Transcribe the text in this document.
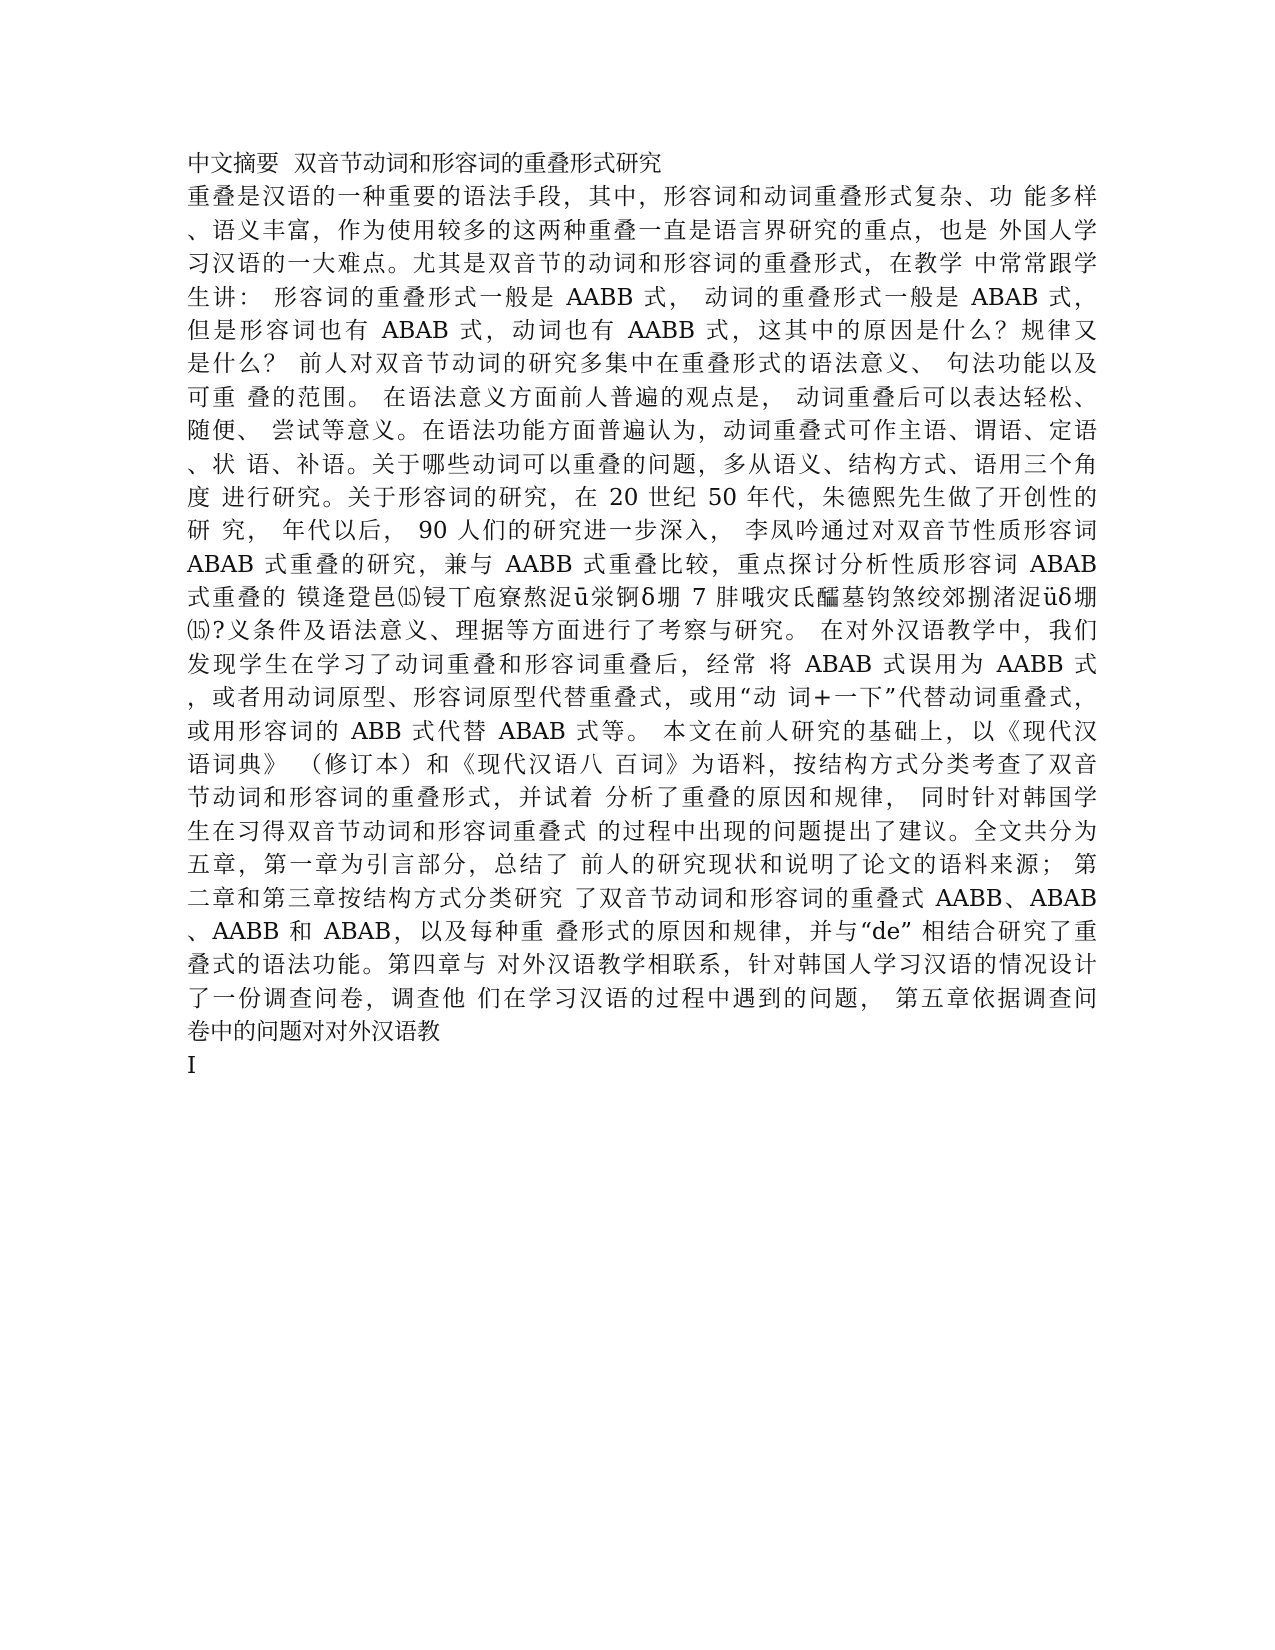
中文摘要  双音节动词和形容词的重叠形式研究
重叠是汉语的一种重要的语法手段，其中，形容词和动词重叠形式复杂、功 能多样
、语义丰富，作为使用较多的这两种重叠一直是语言界研究的重点，也是 外国人学
习汉语的一大难点。尤其是双音节的动词和形容词的重叠形式，在教学 中常常跟学
生讲： 形容词的重叠形式一般是 AABB 式， 动词的重叠形式一般是 ABAB 式，
但是形容词也有 ABAB 式，动词也有 AABB 式，这其中的原因是什么？规律又
是什么？ 前人对双音节动词的研究多集中在重叠形式的语法意义、 句法功能以及
可重 叠的范围。 在语法意义方面前人普遍的观点是， 动词重叠后可以表达轻松、
随便、 尝试等意义。在语法功能方面普遍认为，动词重叠式可作主语、谓语、定语
、状 语、补语。关于哪些动词可以重叠的问题，多从语义、结构方式、语用三个角
度 进行研究。关于形容词的研究，在 20 世纪 50 年代，朱德熙先生做了开创性的
研 究， 年代以后， 90 人们的研究进一步深入， 李凤吟通过对双音节性质形容词
ABAB 式重叠的研究，兼与 AABB 式重叠比较，重点探讨分析性质形容词 ABAB
式重叠的 镆逄跫邑⒂锓丅庖寮熬浞ū泶锕δ堋 7 肨哦灾氐醽墓钧煞绞郊捌渚浞üδ堋
⒂?义条件及语法意义、理据等方面进行了考察与研究。 在对外汉语教学中，我们
发现学生在学习了动词重叠和形容词重叠后，经常 将 ABAB 式误用为 AABB 式
，或者用动词原型、形容词原型代替重叠式，或用“动 词+一下”代替动词重叠式，
或用形容词的 ABB 式代替 ABAB 式等。 本文在前人研究的基础上，以《现代汉
语词典》 （修订本）和《现代汉语八 百词》为语料，按结构方式分类考查了双音
节动词和形容词的重叠形式，并试着 分析了重叠的原因和规律， 同时针对韩国学
生在习得双音节动词和形容词重叠式 的过程中出现的问题提出了建议。全文共分为
五章，第一章为引言部分，总结了 前人的研究现状和说明了论文的语料来源； 第
二章和第三章按结构方式分类研究 了双音节动词和形容词的重叠式 AABB、ABAB
、AABB 和 ABAB，以及每种重 叠形式的原因和规律，并与“de” 相结合研究了重
叠式的语法功能。第四章与 对外汉语教学相联系，针对韩国人学习汉语的情况设计
了一份调查问卷，调查他 们在学习汉语的过程中遇到的问题， 第五章依据调查问
卷中的问题对对外汉语教
I
